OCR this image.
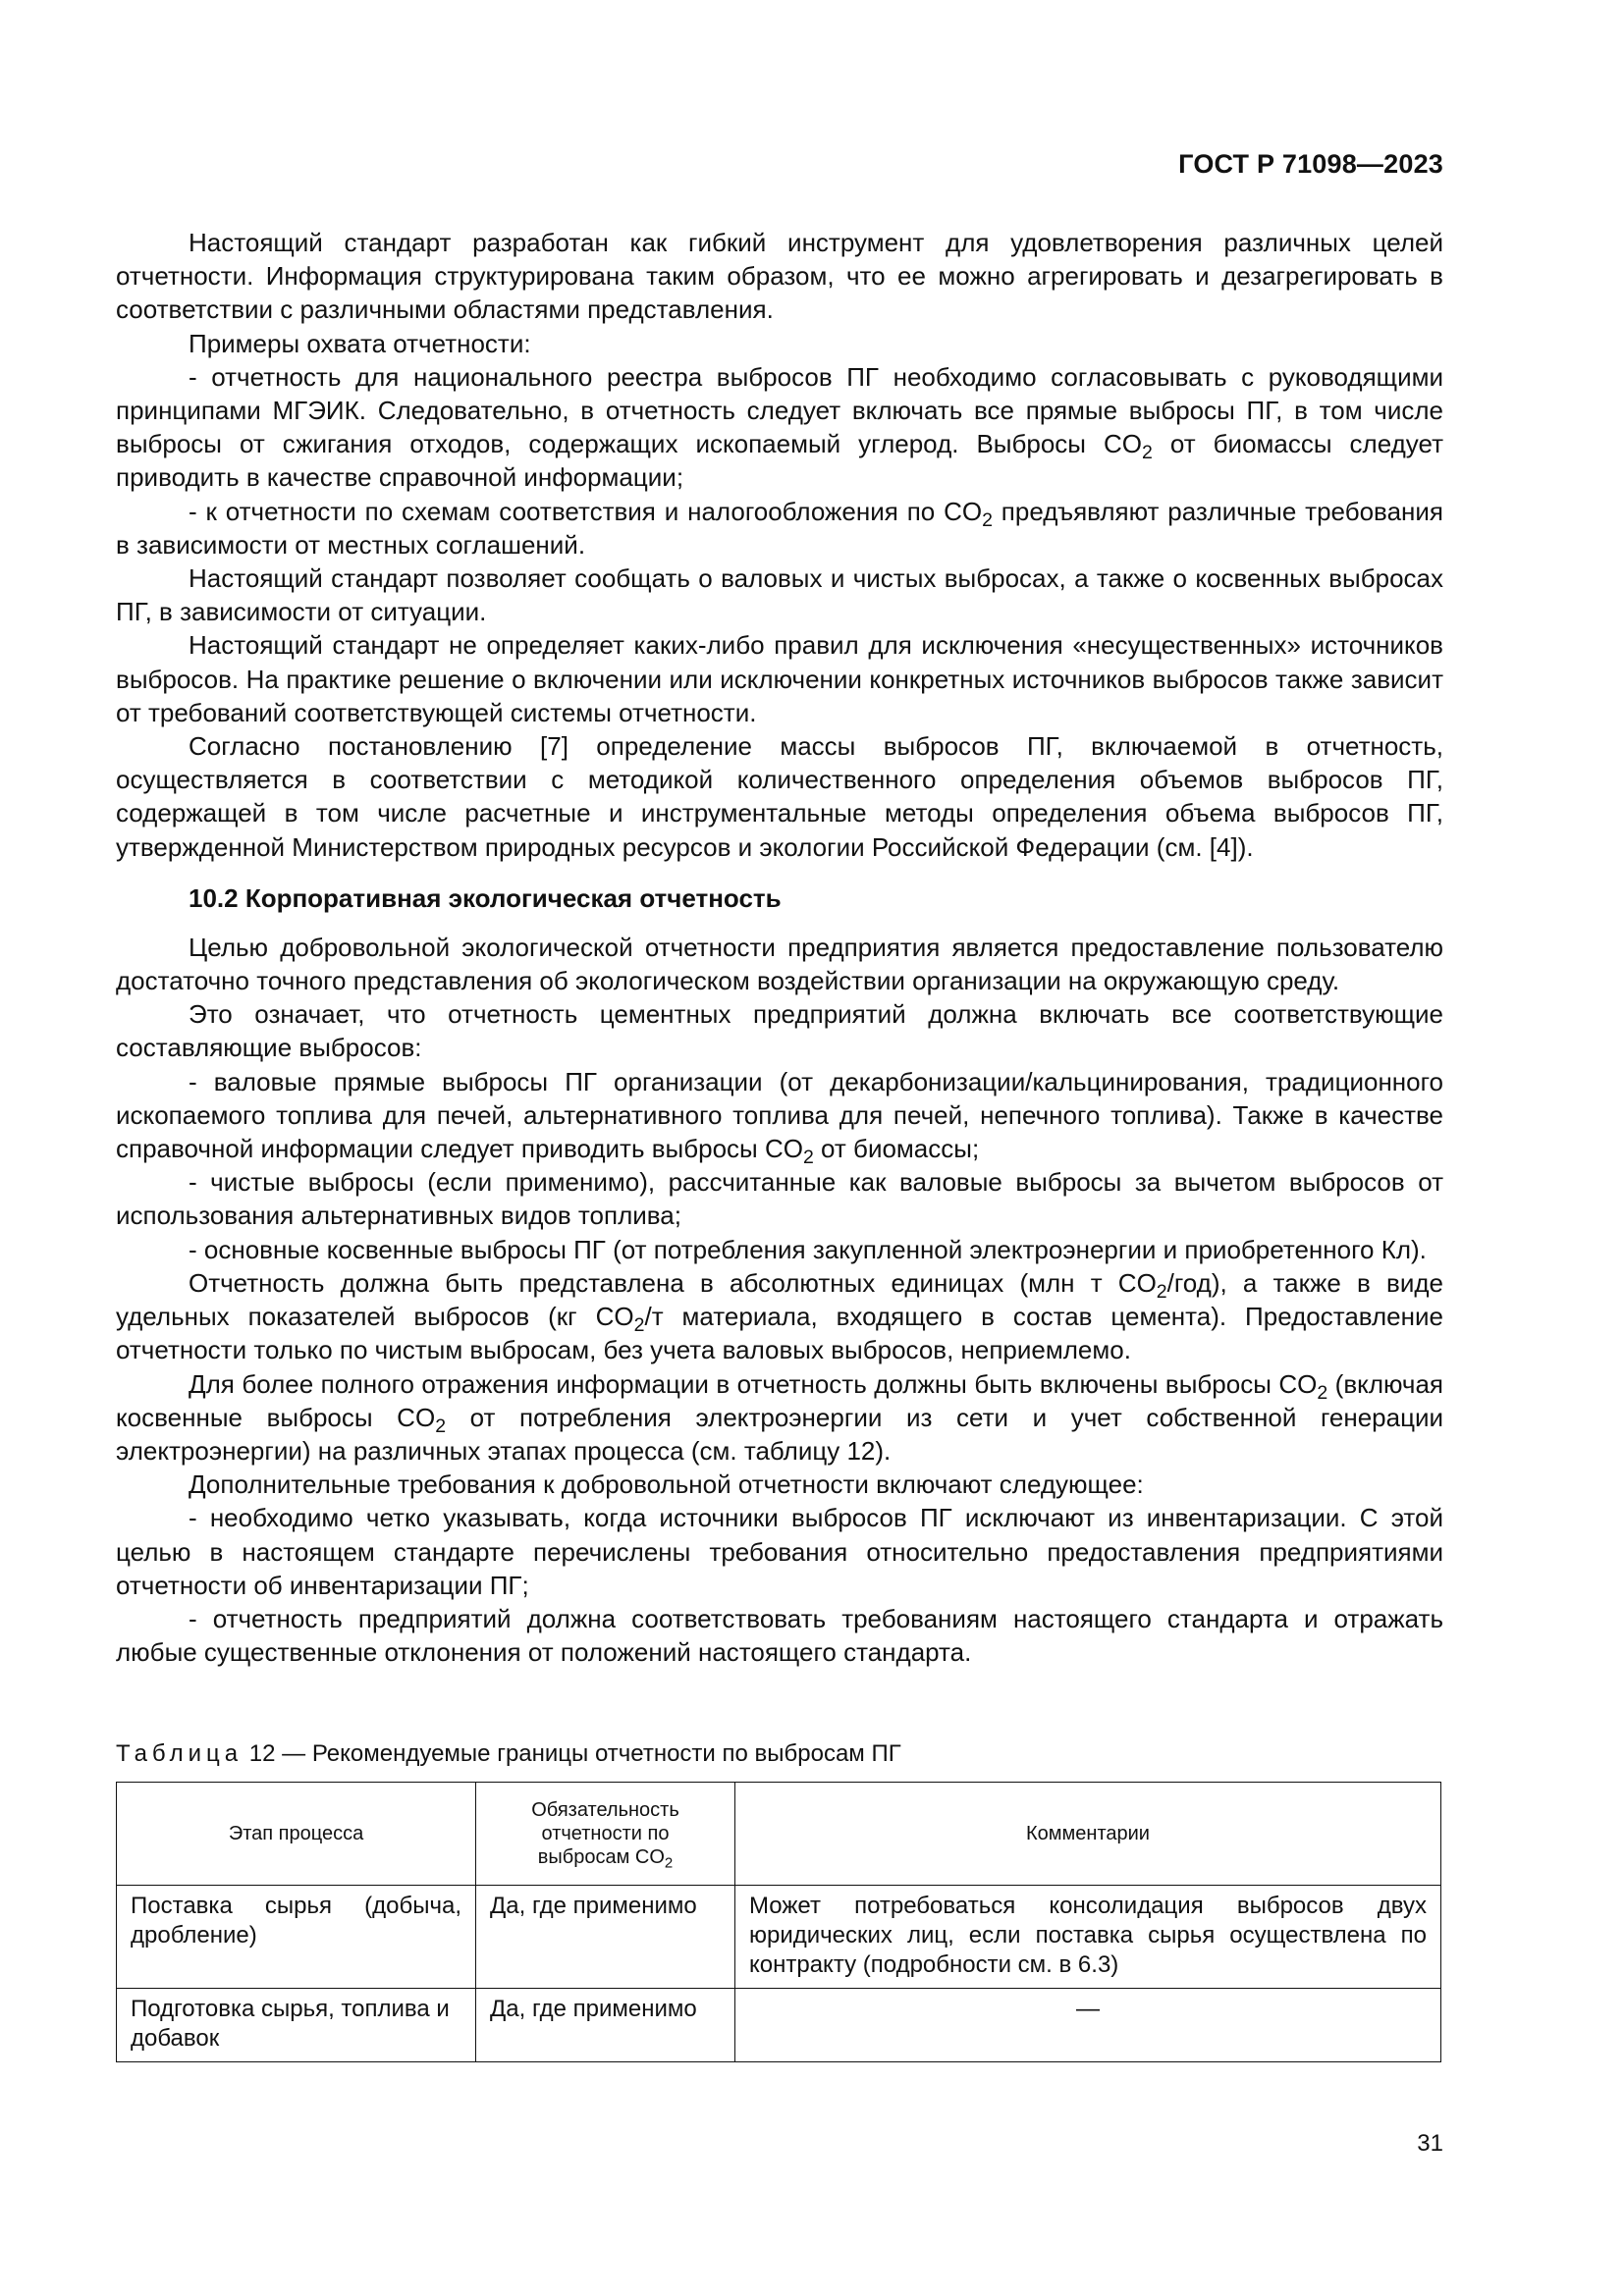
ГОСТ Р 71098—2023

Настоящий стандарт разработан как гибкий инструмент для удовлетворения различных целей отчетности. Информация структурирована таким образом, что ее можно агрегировать и дезагрегировать в соответствии с различными областями представления.

Примеры охвата отчетности:

- отчетность для национального реестра выбросов ПГ необходимо согласовывать с руководящими принципами МГЭИК. Следовательно, в отчетность следует включать все прямые выбросы ПГ, в том числе выбросы от сжигания отходов, содержащих ископаемый углерод. Выбросы $CO_2$ от биомассы следует приводить в качестве справочной информации;

- к отчетности по схемам соответствия и налогообложения по $CO_2$ предъявляют различные требования в зависимости от местных соглашений.

Настоящий стандарт позволяет сообщать о валовых и чистых выбросах, а также о косвенных выбросах ПГ, в зависимости от ситуации.

Настоящий стандарт не определяет каких-либо правил для исключения «несущественных» источников выбросов. На практике решение о включении или исключении конкретных источников выбросов также зависит от требований соответствующей системы отчетности.

Согласно постановлению [7] определение массы выбросов ПГ, включаемой в отчетность, осуществляется в соответствии с методикой количественного определения объемов выбросов ПГ, содержащей в том числе расчетные и инструментальные методы определения объема выбросов ПГ, утвержденной Министерством природных ресурсов и экологии Российской Федерации (см. [4]).

10.2 Корпоративная экологическая отчетность

Целью добровольной экологической отчетности предприятия является предоставление пользователю достаточно точного представления об экологическом воздействии организации на окружающую среду.

Это означает, что отчетность цементных предприятий должна включать все соответствующие составляющие выбросов:

- валовые прямые выбросы ПГ организации (от декарбонизации/кальцинирования, традиционного ископаемого топлива для печей, альтернативного топлива для печей, непечного топлива). Также в качестве справочной информации следует приводить выбросы $CO_2$ от биомассы;

- чистые выбросы (если применимо), рассчитанные как валовые выбросы за вычетом выбросов от использования альтернативных видов топлива;

- основные косвенные выбросы ПГ (от потребления закупленной электроэнергии и приобретенного Кл).

Отчетность должна быть представлена в абсолютных единицах (млн т $CO_2/год$), а также в виде удельных показателей выбросов (кг $CO_2/т$ материала, входящего в состав цемента). Предоставление отчетности только по чистым выбросам, без учета валовых выбросов, неприемлемо.

Для более полного отражения информации в отчетность должны быть включены выбросы $CO_2$ (включая косвенные выбросы $CO_2$ от потребления электроэнергии из сети и учет собственной генерации электроэнергии) на различных этапах процесса (см. таблицу 12).

Дополнительные требования к добровольной отчетности включают следующее:

- необходимо четко указывать, когда источники выбросов ПГ исключают из инвентаризации. С этой целью в настоящем стандарте перечислены требования относительно предоставления предприятиями отчетности об инвентаризации ПГ;

- отчетность предприятий должна соответствовать требованиям настоящего стандарта и отражать любые существенные отклонения от положений настоящего стандарта.

Таблица 12 — Рекомендуемые границы отчетности по выбросам ПГ
Этап процесса	Обязательность
отчетности по
выбросам $CO_2$	Комментарии
Поставка сырья (добыча, дробление)	Да, где применимо	Может потребоваться консолидация выбросов двух юридических лиц, если поставка сырья осуществлена по контракту (подробности см. в 6.3)
Подготовка сырья, топлива и добавок	Да, где применимо	—
31
